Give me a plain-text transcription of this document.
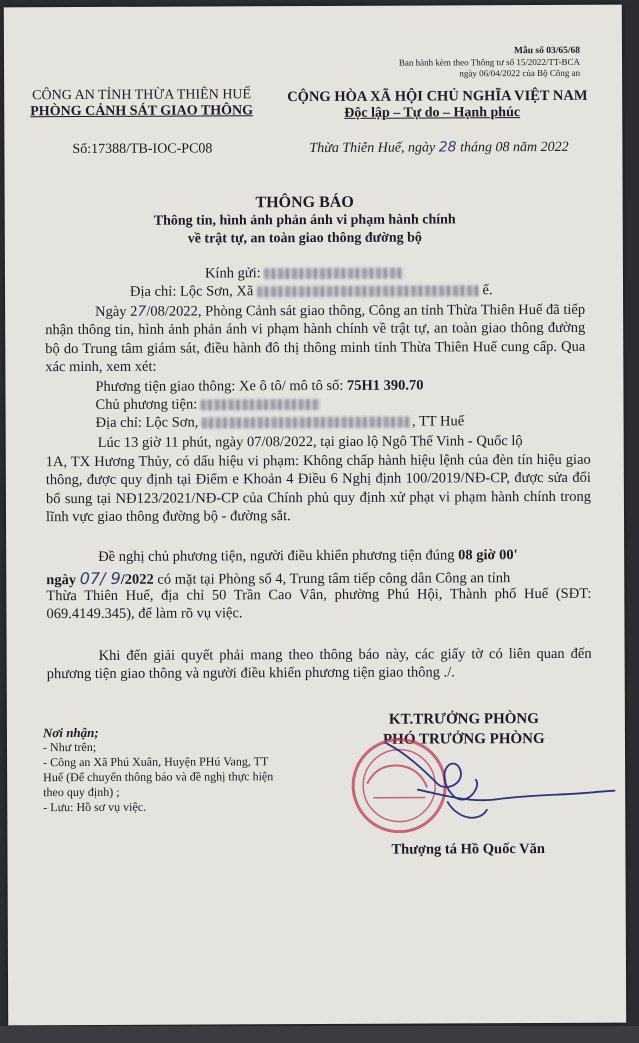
Mẫu số 03/65/68
Ban hành kèm theo Thông tư số 15/2022/TT-BCA
ngày 06/04/2022 của Bộ Công an
CÔNG AN TỈNH THỪA THIÊN HUẾ
PHÒNG CẢNH SÁT GIAO THÔNG
Số:17388/TB-IOC-PC08
CỘNG HÒA XÃ HỘI CHỦ NGHĨA VIỆT NAM
Độc lập – Tự do – Hạnh phúc
Thừa Thiên Huế, ngày 28 tháng 08 năm 2022
THÔNG BÁO
Thông tin, hình ảnh phản ánh vi phạm hành chính
về trật tự, an toàn giao thông đường bộ
Kính gửi:
Địa chỉ: Lộc Sơn, Xã	ế.
Ngày 27/08/2022, Phòng Cảnh sát giao thông, Công an tỉnh Thừa Thiên Huế đã tiếp nhận thông tin, hình ảnh phản ánh vi phạm hành chính về trật tự, an toàn giao thông đường bộ do Trung tâm giám sát, điều hành đô thị thông minh tỉnh Thừa Thiên Huế cung cấp. Qua xác minh, xem xét:
Phương tiện giao thông: Xe ô tô/ mô tô số: 75H1 390.70
Chủ phương tiện:
Địa chỉ: Lộc Sơn,	, TT Huế
Lúc 13 giờ 11 phút, ngày 07/08/2022, tại giao lộ Ngô Thế Vinh - Quốc lộ
1A, TX Hương Thủy, có dấu hiệu vi phạm: Không chấp hành hiệu lệnh của đèn tín hiệu giao thông, được quy định tại Điểm e Khoản 4 Điều 6 Nghị định 100/2019/NĐ-CP, được sửa đổi bổ sung tại NĐ123/2021/NĐ-CP của Chính phủ quy định xử phạt vi phạm hành chính trong lĩnh vực giao thông đường bộ - đường sắt.
Đề nghị chủ phương tiện, người điều khiển phương tiện đúng 08 giờ 00'
ngày 07/ 9/2022 có mặt tại Phòng số 4, Trung tâm tiếp công dân Công an tỉnh
Thừa Thiên Huế, địa chỉ 50 Trần Cao Vân, phường Phú Hội, Thành phố Huế (SĐT: 069.4149.345), để làm rõ vụ việc.
Khi đến giải quyết phải mang theo thông báo này, các giấy tờ có liên quan đến phương tiện giao thông và người điều khiển phương tiện giao thông ./.
Nơi nhận;
- Như trên;
- Công an Xã Phú Xuân, Huyện PHú Vang, TT
Huế (Để chuyển thông báo và đề nghị thực hiện
theo quy định) ;
- Lưu: Hồ sơ vụ việc.
KT.TRƯỞNG PHÒNG
PHÓ TRƯỞNG PHÒNG
Thượng tá Hồ Quốc Văn
